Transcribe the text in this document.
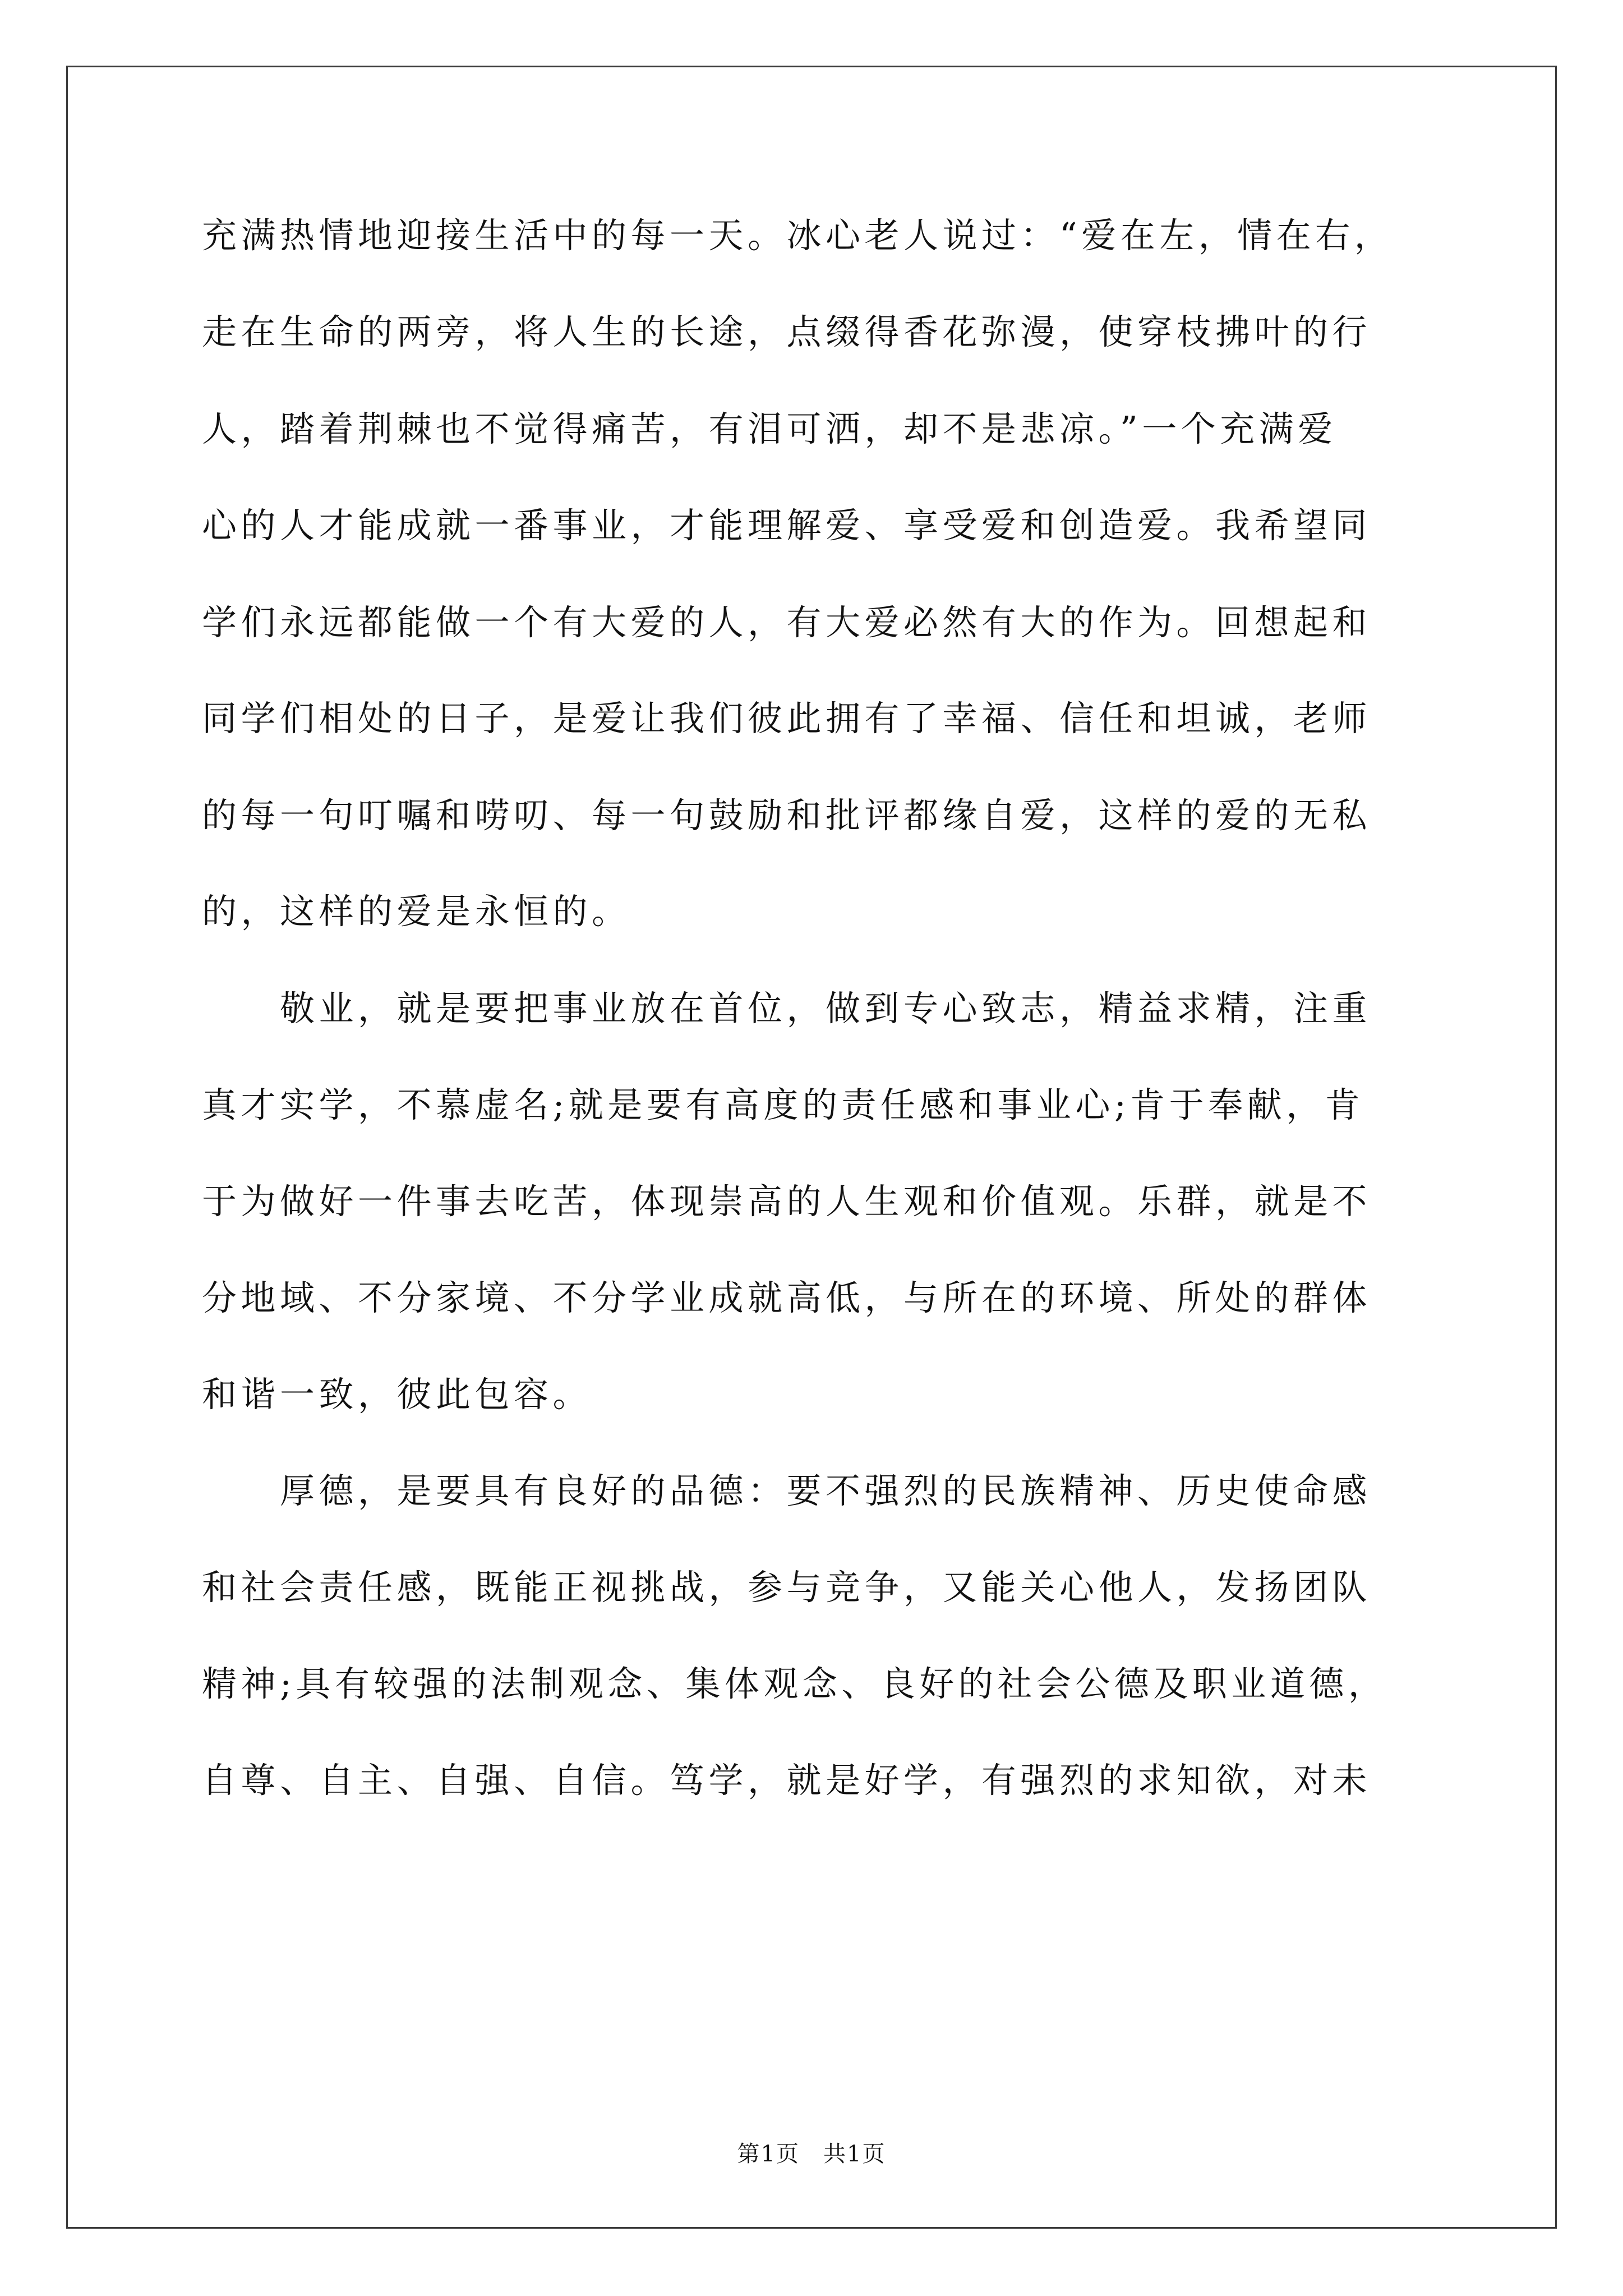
充满热情地迎接生活中的每一天。冰心老人说过：“爱在左，情在右，
走在生命的两旁，将人生的长途，点缀得香花弥漫，使穿枝拂叶的行
人，踏着荆棘也不觉得痛苦，有泪可洒，却不是悲凉。”一个充满爱
心的人才能成就一番事业，才能理解爱、享受爱和创造爱。我希望同
学们永远都能做一个有大爱的人，有大爱必然有大的作为。回想起和
同学们相处的日子，是爱让我们彼此拥有了幸福、信任和坦诚，老师
的每一句叮嘱和唠叨、每一句鼓励和批评都缘自爱，这样的爱的无私
的，这样的爱是永恒的。
　　敬业，就是要把事业放在首位，做到专心致志，精益求精，注重
真才实学，不慕虚名;就是要有高度的责任感和事业心;肯于奉献，肯
于为做好一件事去吃苦，体现崇高的人生观和价值观。乐群，就是不
分地域、不分家境、不分学业成就高低，与所在的环境、所处的群体
和谐一致，彼此包容。
　　厚德，是要具有良好的品德：要不强烈的民族精神、历史使命感
和社会责任感，既能正视挑战，参与竞争，又能关心他人，发扬团队
精神;具有较强的法制观念、集体观念、良好的社会公德及职业道德，
自尊、自主、自强、自信。笃学，就是好学，有强烈的求知欲，对未
第1页　共1页
